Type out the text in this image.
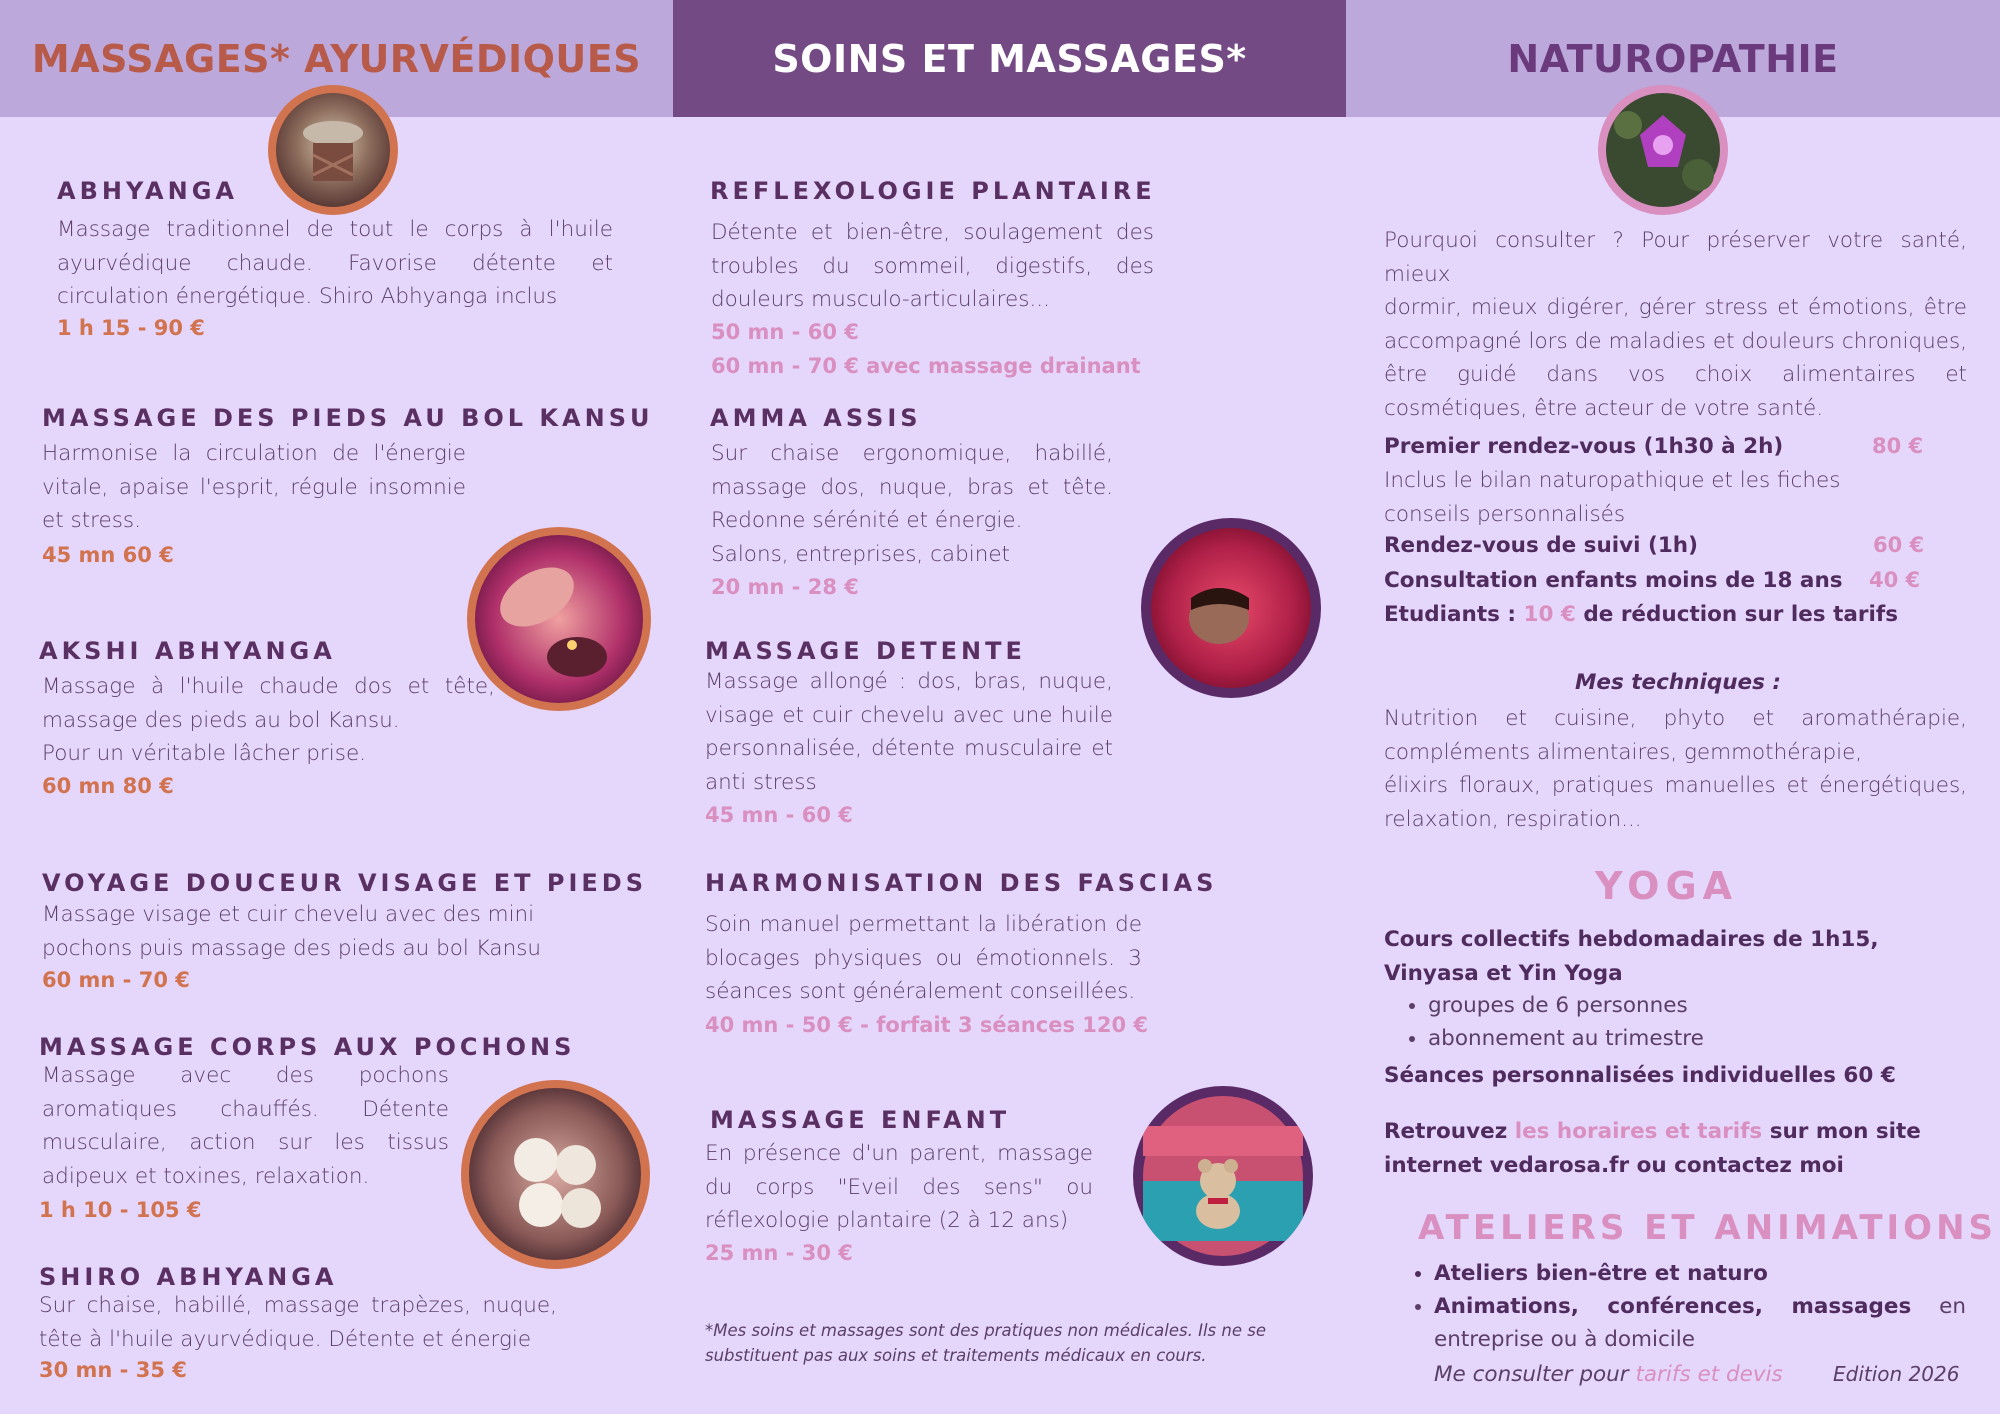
MASSAGES* AYURVÉDIQUES	SOINS ET MASSAGES*	NATUROPATHIE
ABHYANGA
Massage traditionnel de tout le corps à l'huile
ayurvédique chaude. Favorise détente et
circulation énergétique. Shiro Abhyanga inclus
1 h 15 - 90 €
MASSAGE DES PIEDS AU BOL KANSU
Harmonise la circulation de l'énergie
vitale, apaise l'esprit, régule insomnie
et stress.
45 mn 60 €
AKSHI ABHYANGA
Massage à l'huile chaude dos et tête,
massage des pieds au bol Kansu.
Pour un véritable lâcher prise.
60 mn 80 €
VOYAGE DOUCEUR VISAGE ET PIEDS
Massage visage et cuir chevelu avec des mini
pochons puis massage des pieds au bol Kansu
60 mn - 70 €
MASSAGE CORPS AUX POCHONS
Massage avec des pochons
aromatiques chauffés. Détente
musculaire, action sur les tissus
adipeux et toxines, relaxation.
1 h 10 - 105 €
SHIRO ABHYANGA
Sur chaise, habillé, massage trapèzes, nuque,
tête à l'huile ayurvédique. Détente et énergie
30 mn - 35 €
REFLEXOLOGIE PLANTAIRE
Détente et bien-être, soulagement des
troubles du sommeil, digestifs, des
douleurs musculo-articulaires...
50 mn - 60 €
60 mn - 70 € avec massage drainant
AMMA ASSIS
Sur chaise ergonomique, habillé,
massage dos, nuque, bras et tête.
Redonne sérénité et énergie.
Salons, entreprises, cabinet
20 mn - 28 €
MASSAGE DETENTE
Massage allongé : dos, bras, nuque,
visage et cuir chevelu avec une huile
personnalisée, détente musculaire et
anti stress
45 mn - 60 €
HARMONISATION DES FASCIAS
Soin manuel permettant la libération de
blocages physiques ou émotionnels. 3
séances sont généralement conseillées.
40 mn - 50 € - forfait 3 séances 120 €
MASSAGE ENFANT
En présence d'un parent, massage
du corps "Eveil des sens" ou
réflexologie plantaire (2 à 12 ans)
25 mn - 30 €
*Mes soins et massages sont des pratiques non médicales. Ils ne se
substituent pas aux soins et traitements médicaux en cours.
Pourquoi consulter ? Pour préserver votre santé, mieux
dormir, mieux digérer, gérer stress et émotions, être
accompagné lors de maladies et douleurs chroniques,
être guidé dans vos choix alimentaires et
cosmétiques, être acteur de votre santé.
Premier rendez-vous (1h30 à 2h)	80 €
Inclus le bilan naturopathique et les fiches
conseils personnalisés
Rendez-vous de suivi (1h)	60 €
Consultation enfants moins de 18 ans 40 €
Etudiants : 10 € de réduction sur les tarifs
Mes techniques :
Nutrition et cuisine, phyto et aromathérapie,
compléments alimentaires, gemmothérapie,
élixirs floraux, pratiques manuelles et énergétiques,
relaxation, respiration...
YOGA
Cours collectifs hebdomadaires de 1h15,
Vinyasa et Yin Yoga
• groupes de 6 personnes
• abonnement au trimestre
Séances personnalisées individuelles 60 €
Retrouvez les horaires et tarifs sur mon site
internet vedarosa.fr ou contactez moi
ATELIERS ET ANIMATIONS
• Ateliers bien-être et naturo
• Animations, conférences, massages en
entreprise ou à domicile
Me consulter pour tarifs et devis	Edition 2026
